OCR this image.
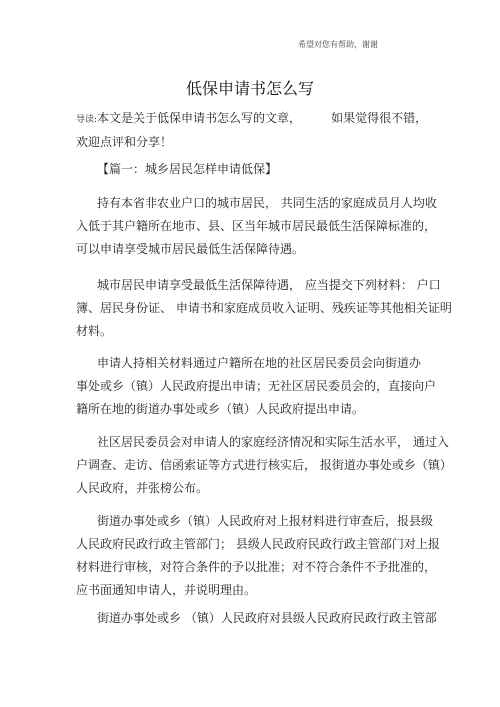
希望对您有帮助，谢谢
低保申请书怎么写
导读:本文是关于低保申请书怎么写的文章，	如果觉得很不错，
欢迎点评和分享！
【篇一：城乡居民怎样申请低保】
持有本省非农业户口的城市居民， 共同生活的家庭成员月人均收
入低于其户籍所在地市、县、区当年城市居民最低生活保障标准的，
可以申请享受城市居民最低生活保障待遇。
城市居民申请享受最低生活保障待遇， 应当提交下列材料： 户口
簿、居民身份证、 申请书和家庭成员收入证明、残疾证等其他相关证明
材料。
申请人持相关材料通过户籍所在地的社区居民委员会向街道办
事处或乡（镇）人民政府提出申请；无社区居民委员会的，直接向户
籍所在地的街道办事处或乡（镇）人民政府提出申请。
社区居民委员会对申请人的家庭经济情况和实际生活水平， 通过入
户调查、走访、信函索证等方式进行核实后， 报街道办事处或乡（镇）
人民政府，并张榜公布。
街道办事处或乡（镇）人民政府对上报材料进行审查后，报县级
人民政府民政行政主管部门； 县级人民政府民政行政主管部门对上报
材料进行审核，对符合条件的予以批准；对不符合条件不予批准的，
应书面通知申请人，并说明理由。
街道办事处或乡 （镇）人民政府对县级人民政府民政行政主管部
